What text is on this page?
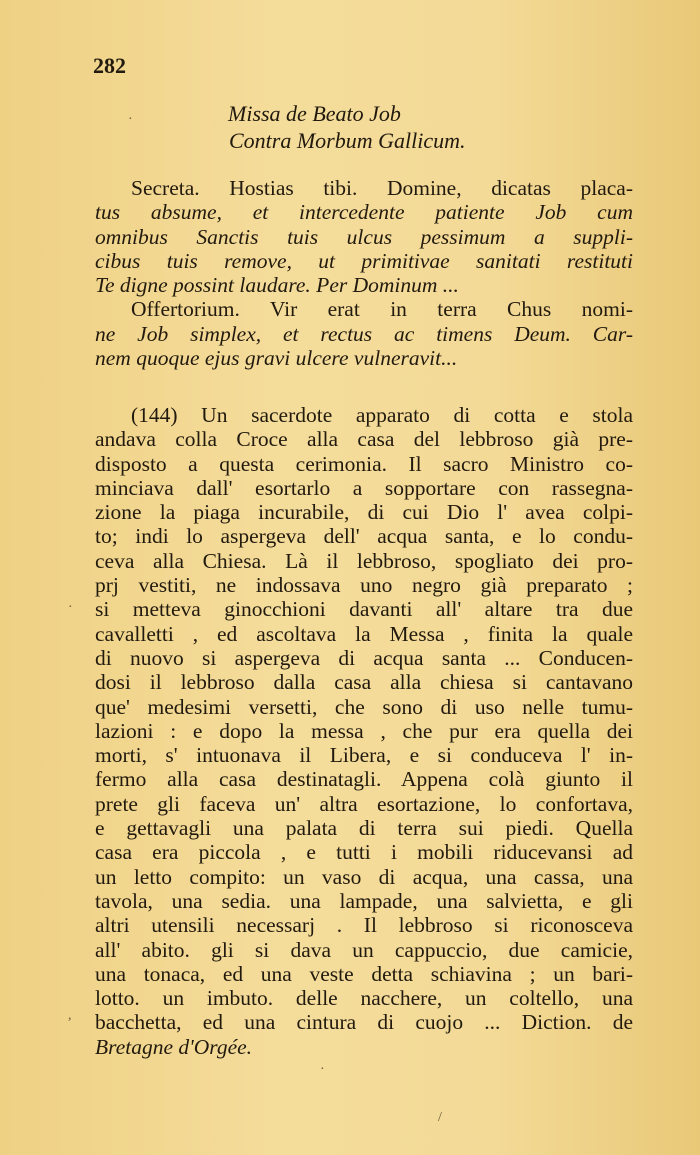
282
Missa de Beato Job
Contra Morbum Gallicum.
Secreta. Hostias tibi. Domine, dicatas placa-
tus absume, et intercedente patiente Job cum
omnibus Sanctis tuis ulcus pessimum a suppli-
cibus tuis remove, ut primitivae sanitati restituti
Te digne possint laudare. Per Dominum ...
Offertorium. Vir erat in terra Chus nomi-
ne Job simplex, et rectus ac timens Deum. Car-
nem quoque ejus gravi ulcere vulneravit...
(144) Un sacerdote apparato di cotta e stola
andava colla Croce alla casa del lebbroso già pre-
disposto a questa cerimonia. Il sacro Ministro co-
minciava dall' esortarlo a sopportare con rassegna-
zione la piaga incurabile, di cui Dio l' avea colpi-
to; indi lo aspergeva dell' acqua santa, e lo condu-
ceva alla Chiesa. Là il lebbroso, spogliato dei pro-
prj vestiti, ne indossava uno negro già preparato ;
si metteva ginocchioni davanti all' altare tra due
cavalletti , ed ascoltava la Messa , finita la quale
di nuovo si aspergeva di acqua santa ... Conducen-
dosi il lebbroso dalla casa alla chiesa si cantavano
que' medesimi versetti, che sono di uso nelle tumu-
lazioni : e dopo la messa , che pur era quella dei
morti, s' intuonava il Libera, e si conduceva l' in-
fermo alla casa destinatagli. Appena colà giunto il
prete gli faceva un' altra esortazione, lo confortava,
e gettavagli una palata di terra sui piedi. Quella
casa era piccola , e tutti i mobili riducevansi ad
un letto compito: un vaso di acqua, una cassa, una
tavola, una sedia. una lampade, una salvietta, e gli
altri utensili necessarj . Il lebbroso si riconosceva
all' abito. gli si dava un cappuccio, due camicie,
una tonaca, ed una veste detta schiavina ; un bari-
lotto. un imbuto. delle nacchere, un coltello, una
bacchetta, ed una cintura di cuojo ... Diction. de
Bretagne d'Orgée.
·
·
,
·
/
